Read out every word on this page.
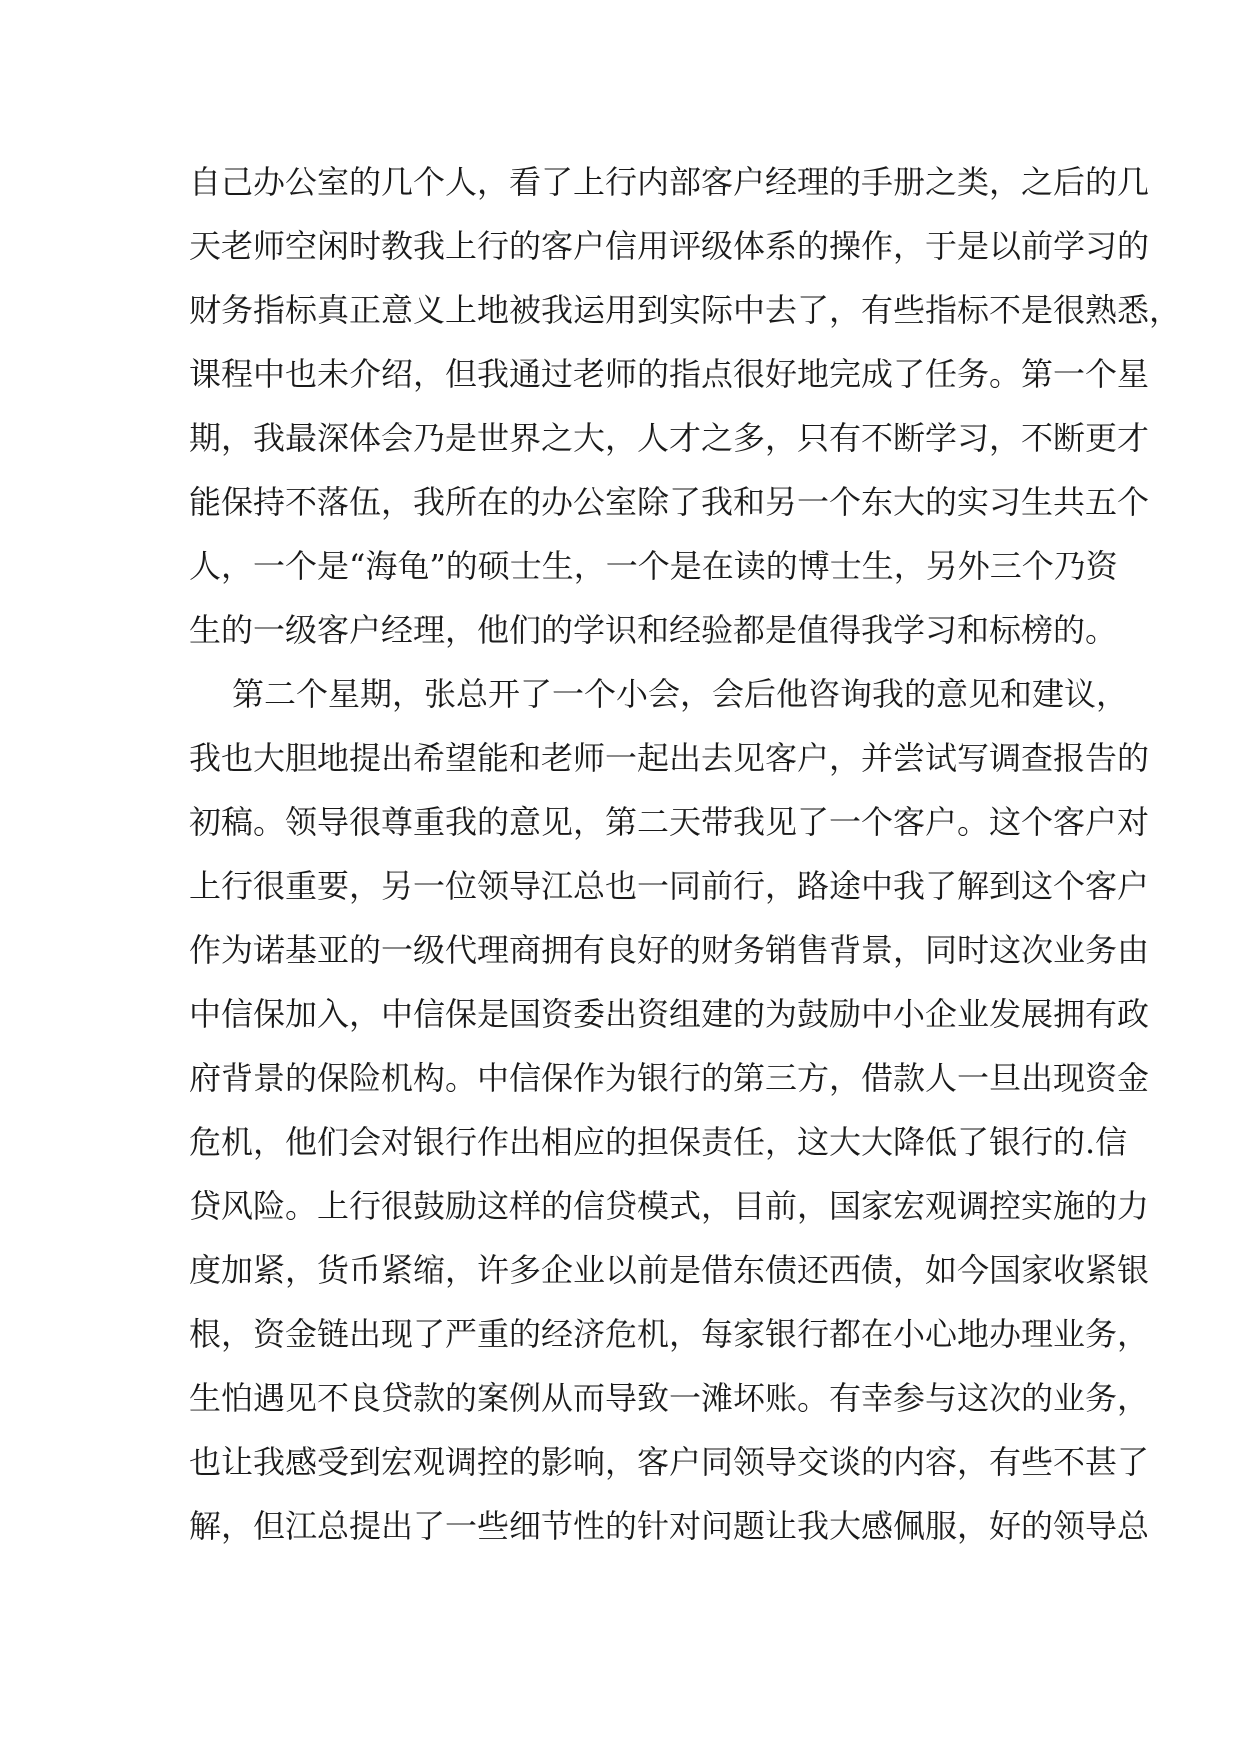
自己办公室的几个人，看了上行内部客户经理的手册之类，之后的几
天老师空闲时教我上行的客户信用评级体系的操作，于是以前学习的
财务指标真正意义上地被我运用到实际中去了，有些指标不是很熟悉，
课程中也未介绍，但我通过老师的指点很好地完成了任务。第一个星
期，我最深体会乃是世界之大，人才之多，只有不断学习，不断更才
能保持不落伍，我所在的办公室除了我和另一个东大的实习生共五个
人，一个是“海龟”的硕士生，一个是在读的博士生，另外三个乃资
生的一级客户经理，他们的学识和经验都是值得我学习和标榜的。
第二个星期，张总开了一个小会，会后他咨询我的意见和建议，
我也大胆地提出希望能和老师一起出去见客户，并尝试写调查报告的
初稿。领导很尊重我的意见，第二天带我见了一个客户。这个客户对
上行很重要，另一位领导江总也一同前行，路途中我了解到这个客户
作为诺基亚的一级代理商拥有良好的财务销售背景，同时这次业务由
中信保加入，中信保是国资委出资组建的为鼓励中小企业发展拥有政
府背景的保险机构。中信保作为银行的第三方，借款人一旦出现资金
危机，他们会对银行作出相应的担保责任，这大大降低了银行的.信
贷风险。上行很鼓励这样的信贷模式，目前，国家宏观调控实施的力
度加紧，货币紧缩，许多企业以前是借东债还西债，如今国家收紧银
根，资金链出现了严重的经济危机，每家银行都在小心地办理业务，
生怕遇见不良贷款的案例从而导致一滩坏账。有幸参与这次的业务，
也让我感受到宏观调控的影响，客户同领导交谈的内容，有些不甚了
解，但江总提出了一些细节性的针对问题让我大感佩服，好的领导总
